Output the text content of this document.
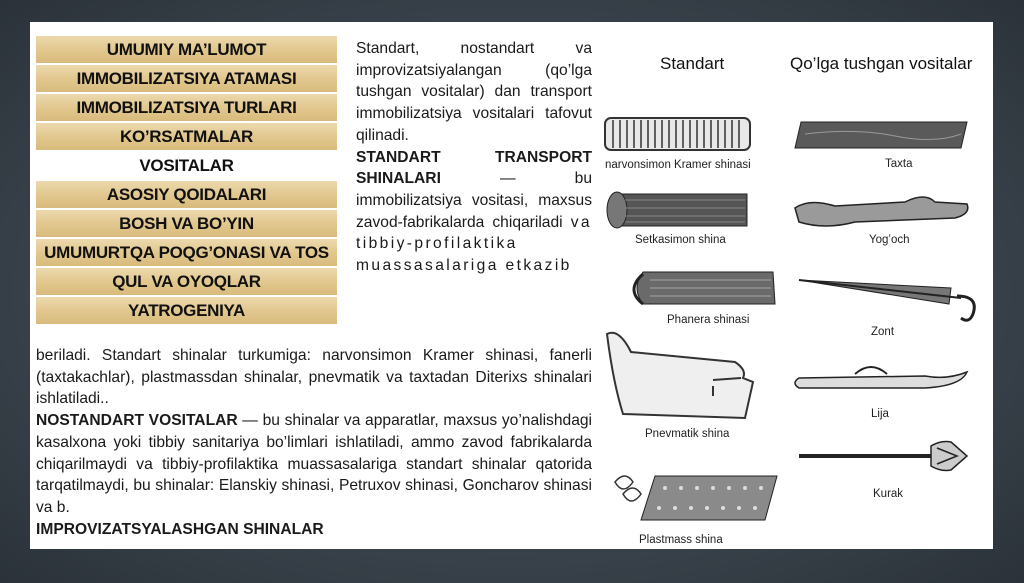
UMUMIY MA’LUMOT
IMMOBILIZATSIYA ATAMASI
IMMOBILIZATSIYA TURLARI
KO’RSATMALAR
VOSITALAR
ASOSIY QOIDALARI
BOSH VA BO’YIN
UMUMURTQA POQG’ONASI VA TOS
QUL VA OYOQLAR
YATROGENIYA
Standart, nostandart va improvizatsiyalangan (qo’lga tushgan vositalar) dan transport immobilizatsiya vositalari tafovut qilinadi.
STANDART TRANSPORT SHINALARI — bu immobilizatsiya vositasi, maxsus zavod-fabrikalarda chiqariladi va tibbiy-profilaktika muassasalariga etkazib
beriladi. Standart shinalar turkumiga: narvonsimon Kramer shinasi, fanerli (taxtakachlar), plastmassdan shinalar, pnevmatik va taxtadan Diterixs shinalari ishlatiladi..
NOSTANDART VOSITALAR — bu shinalar va apparatlar, maxsus yo’nalishdagi kasalxona yoki tibbiy sanitariya bo’limlari ishlatiladi, ammo zavod fabrikalarda chiqarilmaydi va tibbiy-profilaktika muassasalariga standart shinalar qatorida tarqatilmaydi, bu shinalar: Elanskiy shinasi, Petruxov shinasi, Goncharov shinasi va b.
IMPROVIZATSYALASHGAN SHINALAR
Standart	Qo’lga tushgan vositalar
narvonsimon Kramer shinasi
Setkasimon shina
Phanera shinasi
Pnevmatik shina
Plastmass shina
Taxta
Yog’och
Zont
Lija
Kurak
